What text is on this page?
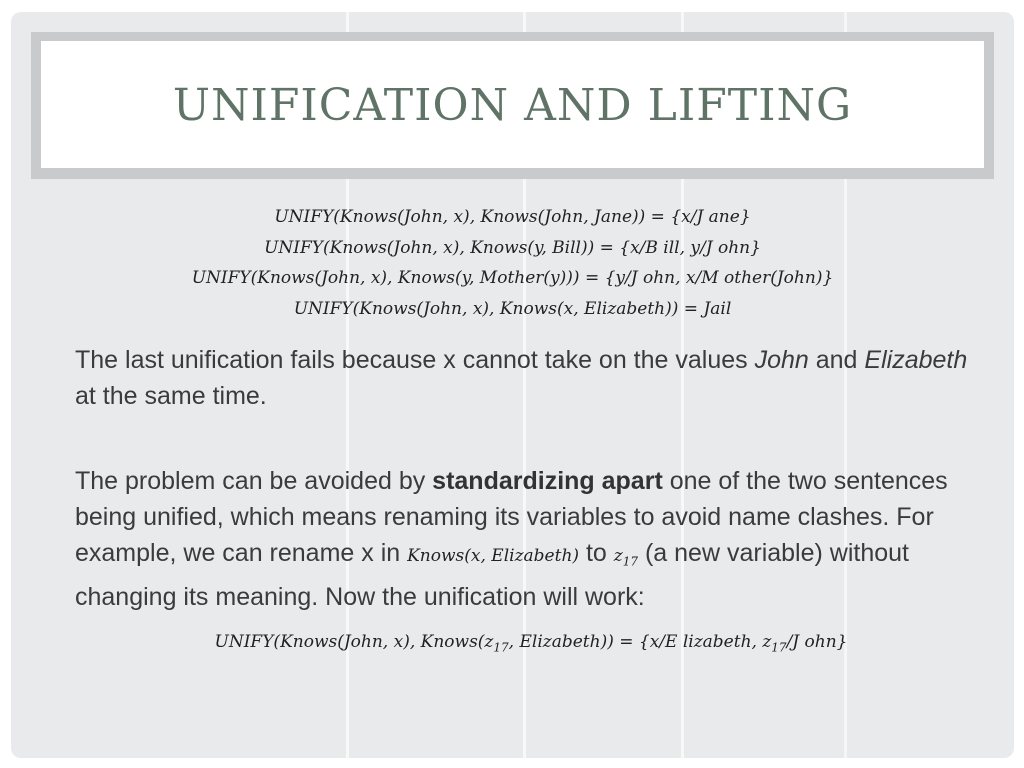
UNIFICATION AND LIFTING
UNIFY(Knows(John, x), Knows(John, Jane)) = {x/J ane}
UNIFY(Knows(John, x), Knows(y, Bill)) = {x/B ill, y/J ohn}
UNIFY(Knows(John, x), Knows(y, Mother(y))) = {y/J ohn, x/M other(John)}
UNIFY(Knows(John, x), Knows(x, Elizabeth)) = Jail
The last unification fails because x cannot take on the values John and Elizabeth at the same time.
The problem can be avoided by standardizing apart one of the two sentences being unified, which means renaming its variables to avoid name clashes. For example, we can rename x in Knows(x, Elizabeth) to $z_{17}$ (a new variable) without changing its meaning. Now the unification will work:
UNIFY(Knows(John, x), $Knows(z_{17}$, Elizabeth)) = {x/E lizabeth, $z_{17}/J$ ohn}
